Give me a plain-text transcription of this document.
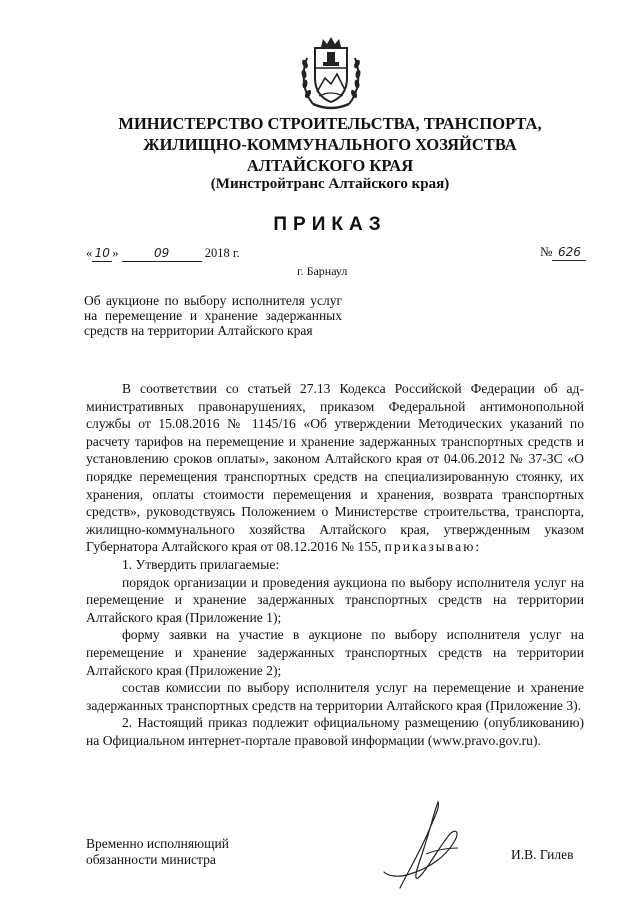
МИНИСТЕРСТВО СТРОИТЕЛЬСТВА, ТРАНСПОРТА,
ЖИЛИЩНО-КОММУНАЛЬНОГО ХОЗЯЙСТВА
АЛТАЙСКОГО КРАЯ
(Минстройтранс Алтайского края)
ПРИКАЗ
« 10 »	09	2018 г.	№ 626
г. Барнаул
Об аукционе по выбору исполнителя услуг на перемещение и хранение задержанных средств на территории Алтайского края

В соответствии со статьей 27.13 Кодекса Российской Федерации об административных правонарушениях, приказом Федеральной антимонопольной службы от 15.08.2016 № 1145/16 «Об утверждении Методических указаний по расчету тарифов на перемещение и хранение задержанных транспортных средств и установлению сроков оплаты», законом Алтайского края от 04.06.2012 № 37-ЗС «О порядке перемещения транспортных средств на специализированную стоянку, их хранения, оплаты стоимости перемещения и хранения, возврата транспортных средств», руководствуясь Положением о Министерстве строительства, транспорта, жилищно-коммунального хозяйства Алтайского края, утвержденным указом Губернатора Алтайского края от 08.12.2016 № 155, приказываю:

1. Утвердить прилагаемые:

порядок организации и проведения аукциона по выбору исполнителя услуг на перемещение и хранение задержанных транспортных средств на территории Алтайского края (Приложение 1);

форму заявки на участие в аукционе по выбору исполнителя услуг на перемещение и хранение задержанных транспортных средств на территории Алтайского края (Приложение 2);

состав комиссии по выбору исполнителя услуг на перемещение и хранение задержанных транспортных средств на территории Алтайского края (Приложение 3).

2. Настоящий приказ подлежит официальному размещению (опубликованию) на Официальном интернет-портале правовой информации (www.pravo.gov.ru).

Временно исполняющий
обязанности министра	И.В. Гилев
